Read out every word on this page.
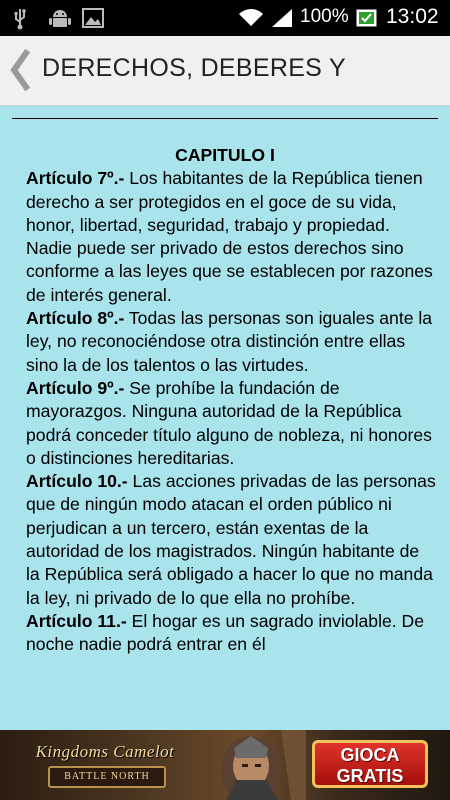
100% 13:02
DERECHOS, DEBERES Y
CAPITULO I
Artículo 7º.- Los habitantes de la República tienen derecho a ser protegidos en el goce de su vida, honor, libertad, seguridad, trabajo y propiedad. Nadie puede ser privado de estos derechos sino conforme a las leyes que se establecen por razones de interés general.
Artículo 8º.- Todas las personas son iguales ante la ley, no reconociéndose otra distinción entre ellas sino la de los talentos o las virtudes.
Artículo 9º.- Se prohíbe la fundación de mayorazgos. Ninguna autoridad de la República podrá conceder título alguno de nobleza, ni honores o distinciones hereditarias.
Artículo 10.- Las acciones privadas de las personas que de ningún modo atacan el orden público ni perjudican a un tercero, están exentas de la autoridad de los magistrados. Ningún habitante de la República será obligado a hacer lo que no manda la ley, ni privado de lo que ella no prohíbe.
Artículo 11.- El hogar es un sagrado inviolable. De noche nadie podrá entrar en él
Kingdoms Camelot
BATTLE NORTH
GIOCA GRATIS
